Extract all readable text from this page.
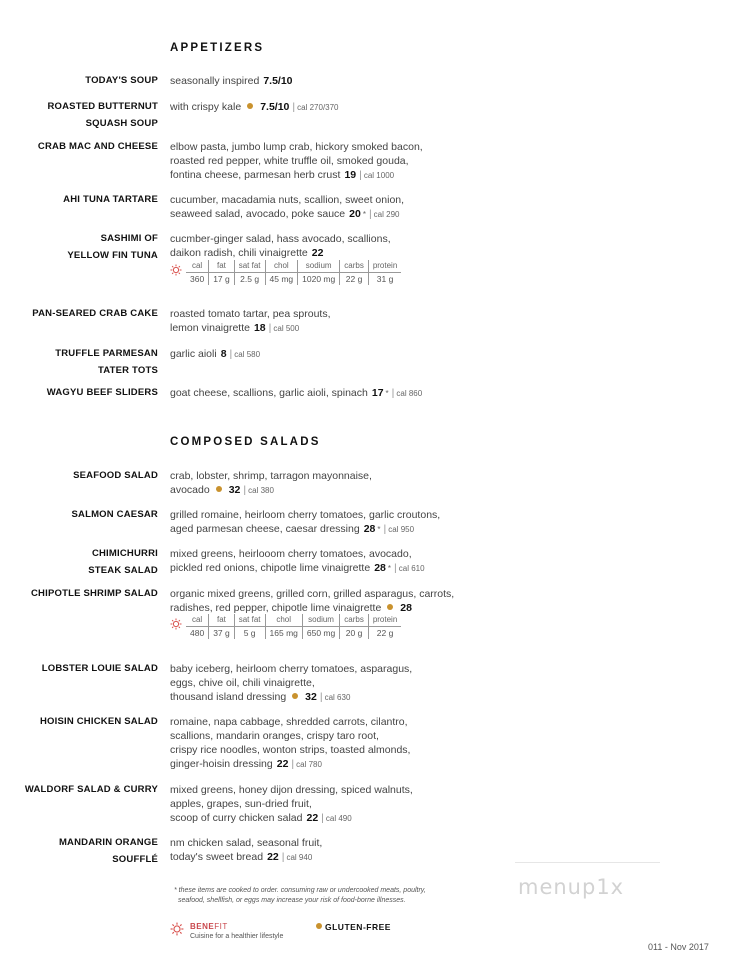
APPETIZERS
COMPOSED SALADS
TODAY'S SOUP seasonally inspired 7.5/10
ROASTED BUTTERNUT
SQUASH SOUP
with crispy kale 7.5/10 | cal 270/370
CRAB MAC AND CHEESE elbow pasta, jumbo lump crab, hickory smoked bacon,
roasted red pepper, white truffle oil, smoked gouda,
fontina cheese, parmesan herb crust 19 | cal 1000
AHI TUNA TARTARE cucumber, macadamia nuts, scallion, sweet onion,
seaweed salad, avocado, poke sauce 20 * | cal 290
SASHIMI OF
YELLOW FIN TUNA
cucmber-ginger salad, hass avocado, scallions,
daikon radish, chili vinaigrette 22
PAN-SEARED CRAB CAKE roasted tomato tartar, pea sprouts,
lemon vinaigrette 18 | cal 500
TRUFFLE PARMESAN
TATER TOTS
garlic aioli 8 | cal 580
WAGYU BEEF SLIDERS goat cheese, scallions, garlic aioli, spinach 17 * | cal 860
SEAFOOD SALAD crab, lobster, shrimp, tarragon mayonnaise,
avocado 32 | cal 380
SALMON CAESAR grilled romaine, heirloom cherry tomatoes, garlic croutons,
aged parmesan cheese, caesar dressing 28 * | cal 950
CHIMICHURRI
STEAK SALAD
mixed greens, heirlooom cherry tomatoes, avocado,
pickled red onions, chipotle lime vinaigrette 28 * | cal 610
CHIPOTLE SHRIMP SALAD organic mixed greens, grilled corn, grilled asparagus, carrots,
radishes, red pepper, chipotle lime vinaigrette 28
LOBSTER LOUIE SALAD baby iceberg, heirloom cherry tomatoes, asparagus,
eggs, chive oil, chili vinaigrette,
thousand island dressing 32 | cal 630
HOISIN CHICKEN SALAD romaine, napa cabbage, shredded carrots, cilantro,
scallions, mandarin oranges, crispy taro root,
crispy rice noodles, wonton strips, toasted almonds,
ginger-hoisin dressing 22 | cal 780
WALDORF SALAD & CURRY mixed greens, honey dijon dressing, spiced walnuts,
apples, grapes, sun-dried fruit,
scoop of curry chicken salad 22 | cal 490
MANDARIN ORANGE
SOUFFLÉ
nm chicken salad, seasonal fruit,
today's sweet bread 22 | cal 940
cal	fat	sat fat	chol	sodium	carbs	protein
360	17 g	2.5 g	45 mg	1020 mg	22 g	31 g
cal	fat	sat fat	chol	sodium	carbs	protein
480	37 g	5 g	165 mg	650 mg	20 g	22 g
* these items are cooked to order. consuming raw or undercooked meats, poultry,
seafood, shellfish, or eggs may increase your risk of food-borne illnesses.
BENEFIT
Cuisine for a healthier lifestyle
GLUTEN-FREE
menup1x
011 - Nov 2017
